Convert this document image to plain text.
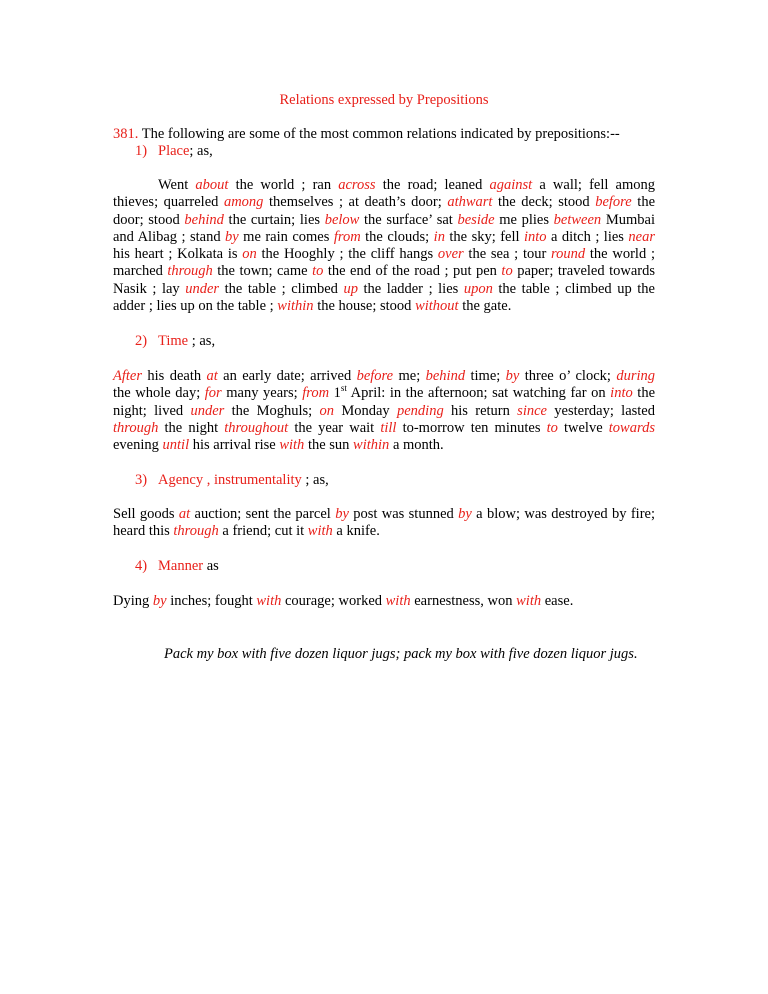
Relations expressed by Prepositions
381. The following are some of the most common relations indicated by prepositions:--
1) Place; as,
Went about the world ; ran across the road; leaned against a wall; fell among
thieves; quarreled among themselves ; at death’s door; athwart the deck; stood before the
door; stood behind the curtain; lies below the surface’ sat beside me plies between Mumbai
and Alibag ; stand by me rain comes from the clouds; in the sky; fell into a ditch ; lies near
his heart ; Kolkata is on the Hooghly ; the cliff hangs over the sea ; tour round the world ;
marched through the town; came to the end of the road ; put pen to paper; traveled towards
Nasik ; lay under the table ; climbed up the ladder ; lies upon the table ; climbed up the
adder ; lies up on the table ; within the house; stood without the gate.
2) Time ; as,
After his death at an early date; arrived before me; behind time; by three o’ clock; during
the whole day; for many years; from 1st April: in the afternoon; sat watching far on into the
night; lived under the Moghuls; on Monday pending his return since yesterday; lasted
through the night throughout the year wait till to-morrow ten minutes to twelve towards
evening until his arrival rise with the sun within a month.
3) Agency , instrumentality ; as,
Sell goods at auction; sent the parcel by post was stunned by a blow; was destroyed by fire;
heard this through a friend; cut it with a knife.
4) Manner as
Dying by inches; fought with courage; worked with earnestness, won with ease.
Pack my box with five dozen liquor jugs; pack my box with five dozen liquor jugs.
